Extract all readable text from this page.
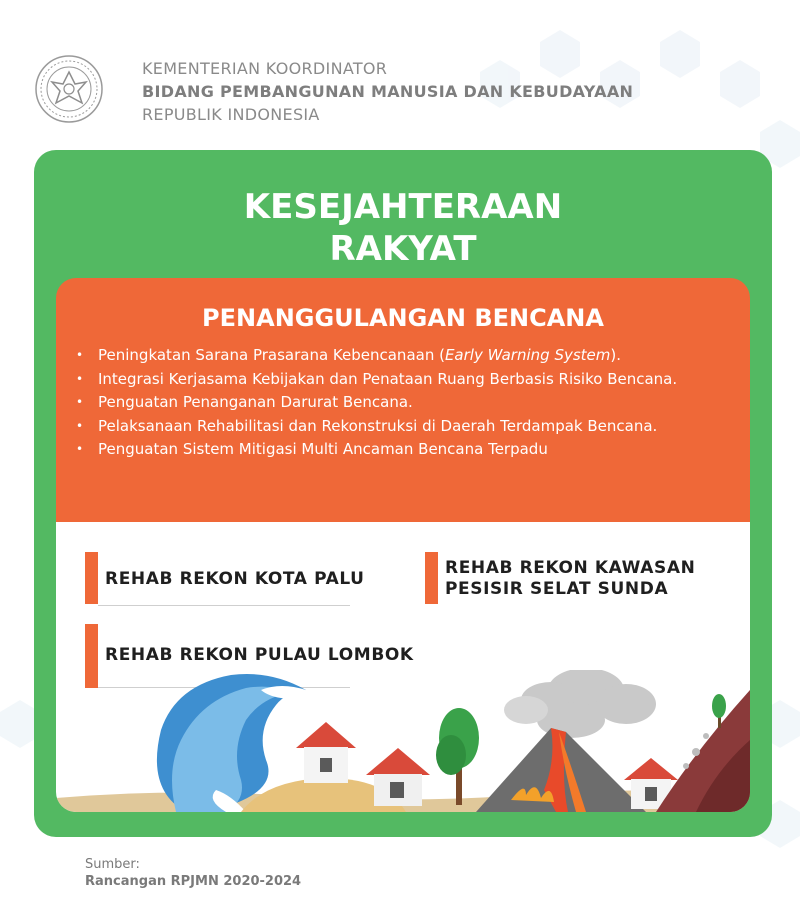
KEMENTERIAN KOORDINATOR
BIDANG PEMBANGUNAN MANUSIA DAN KEBUDAYAAN
REPUBLIK INDONESIA
KESEJAHTERAAN
RAKYAT
PENANGGULANGAN BENCANA
• Peningkatan Sarana Prasarana Kebencanaan (Early Warning System).
• Integrasi Kerjasama Kebijakan dan Penataan Ruang Berbasis Risiko Bencana.
• Penguatan Penanganan Darurat Bencana.
• Pelaksanaan Rehabilitasi dan Rekonstruksi di Daerah Terdampak Bencana.
• Penguatan Sistem Mitigasi Multi Ancaman Bencana Terpadu
REHAB REKON KOTA PALU
REHAB REKON KAWASAN
PESISIR SELAT SUNDA
REHAB REKON PULAU LOMBOK
Sumber:
Rancangan RPJMN 2020-2024
